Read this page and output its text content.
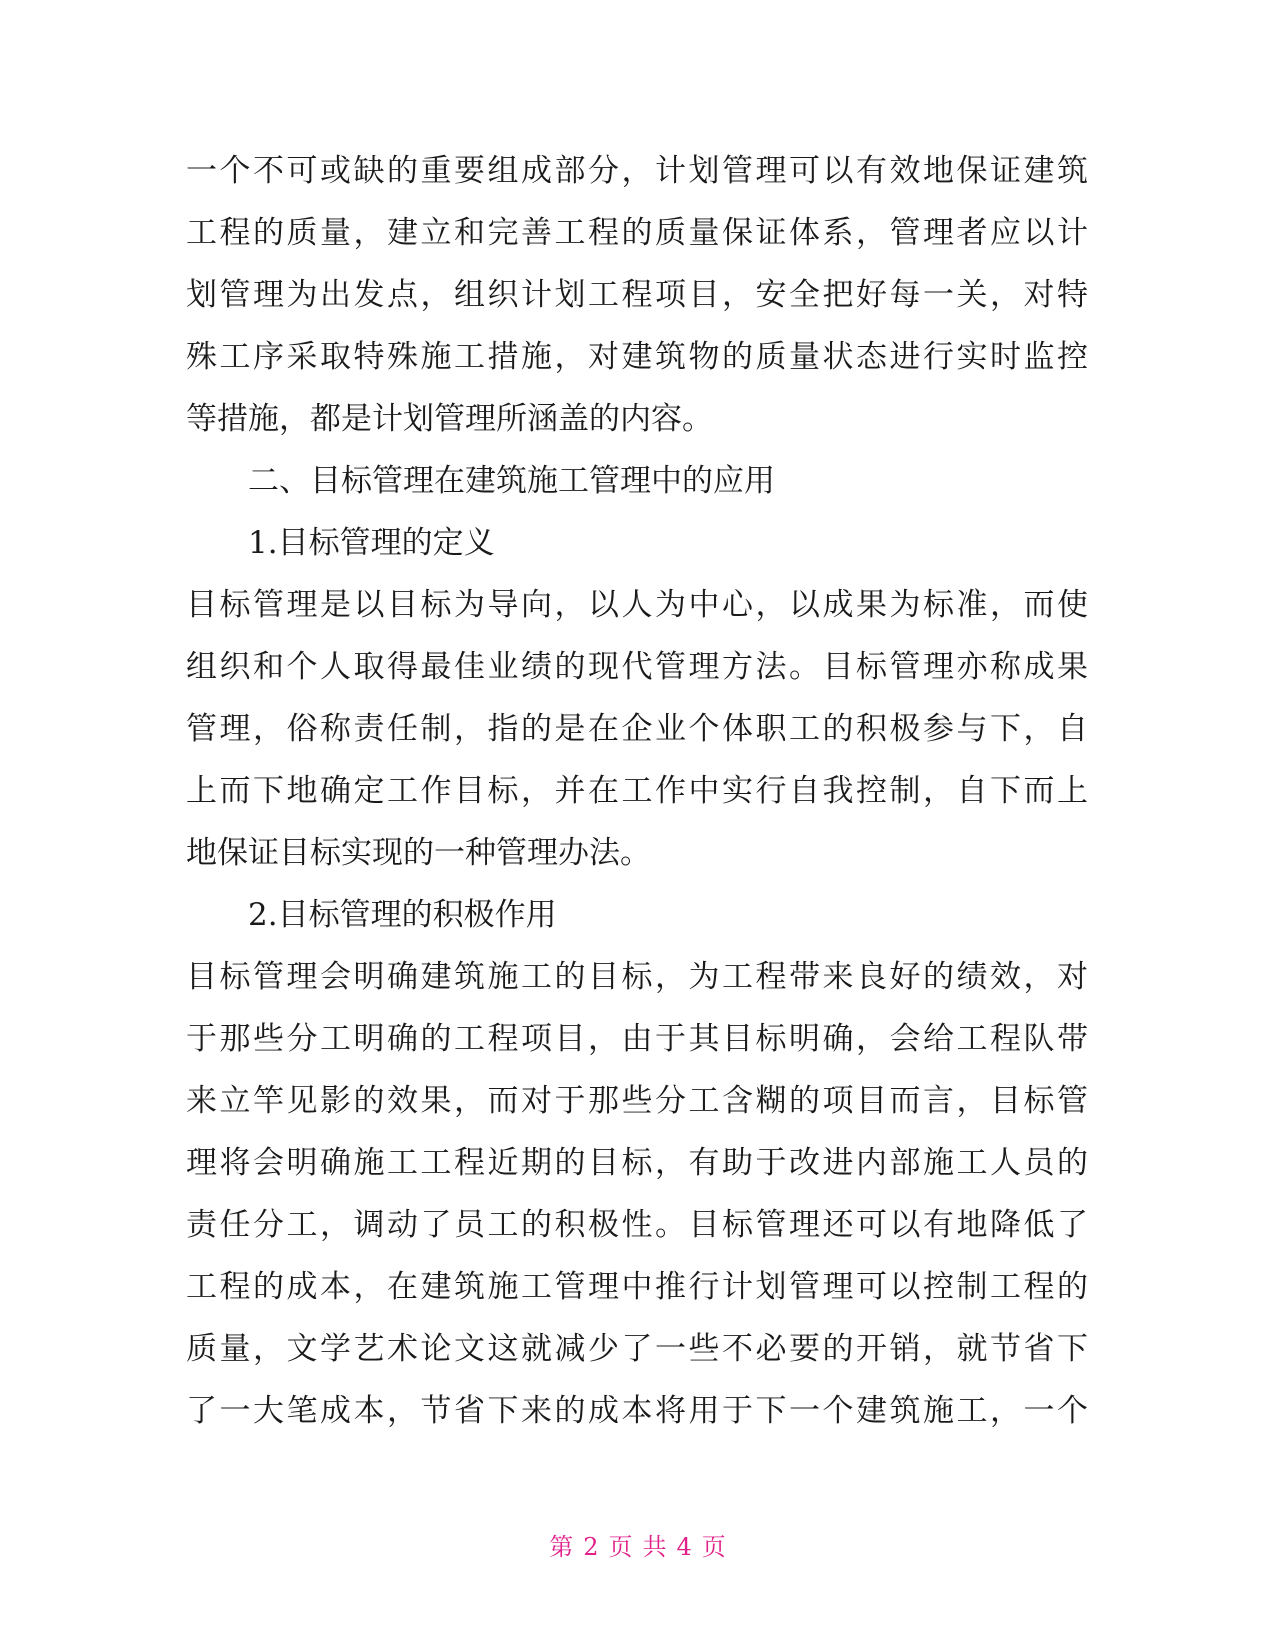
一个不可或缺的重要组成部分，计划管理可以有效地保证建筑
工程的质量，建立和完善工程的质量保证体系，管理者应以计
划管理为出发点，组织计划工程项目，安全把好每一关，对特
殊工序采取特殊施工措施，对建筑物的质量状态进行实时监控
等措施，都是计划管理所涵盖的内容。
二、目标管理在建筑施工管理中的应用
1.目标管理的定义
目标管理是以目标为导向，以人为中心，以成果为标准，而使
组织和个人取得最佳业绩的现代管理方法。目标管理亦称成果
管理，俗称责任制，指的是在企业个体职工的积极参与下，自
上而下地确定工作目标，并在工作中实行自我控制，自下而上
地保证目标实现的一种管理办法。
2.目标管理的积极作用
目标管理会明确建筑施工的目标，为工程带来良好的绩效，对
于那些分工明确的工程项目，由于其目标明确，会给工程队带
来立竿见影的效果，而对于那些分工含糊的项目而言，目标管
理将会明确施工工程近期的目标，有助于改进内部施工人员的
责任分工，调动了员工的积极性。目标管理还可以有地降低了
工程的成本，在建筑施工管理中推行计划管理可以控制工程的
质量，文学艺术论文这就减少了一些不必要的开销，就节省下
了一大笔成本，节省下来的成本将用于下一个建筑施工，一个
第 2 页 共 4 页
